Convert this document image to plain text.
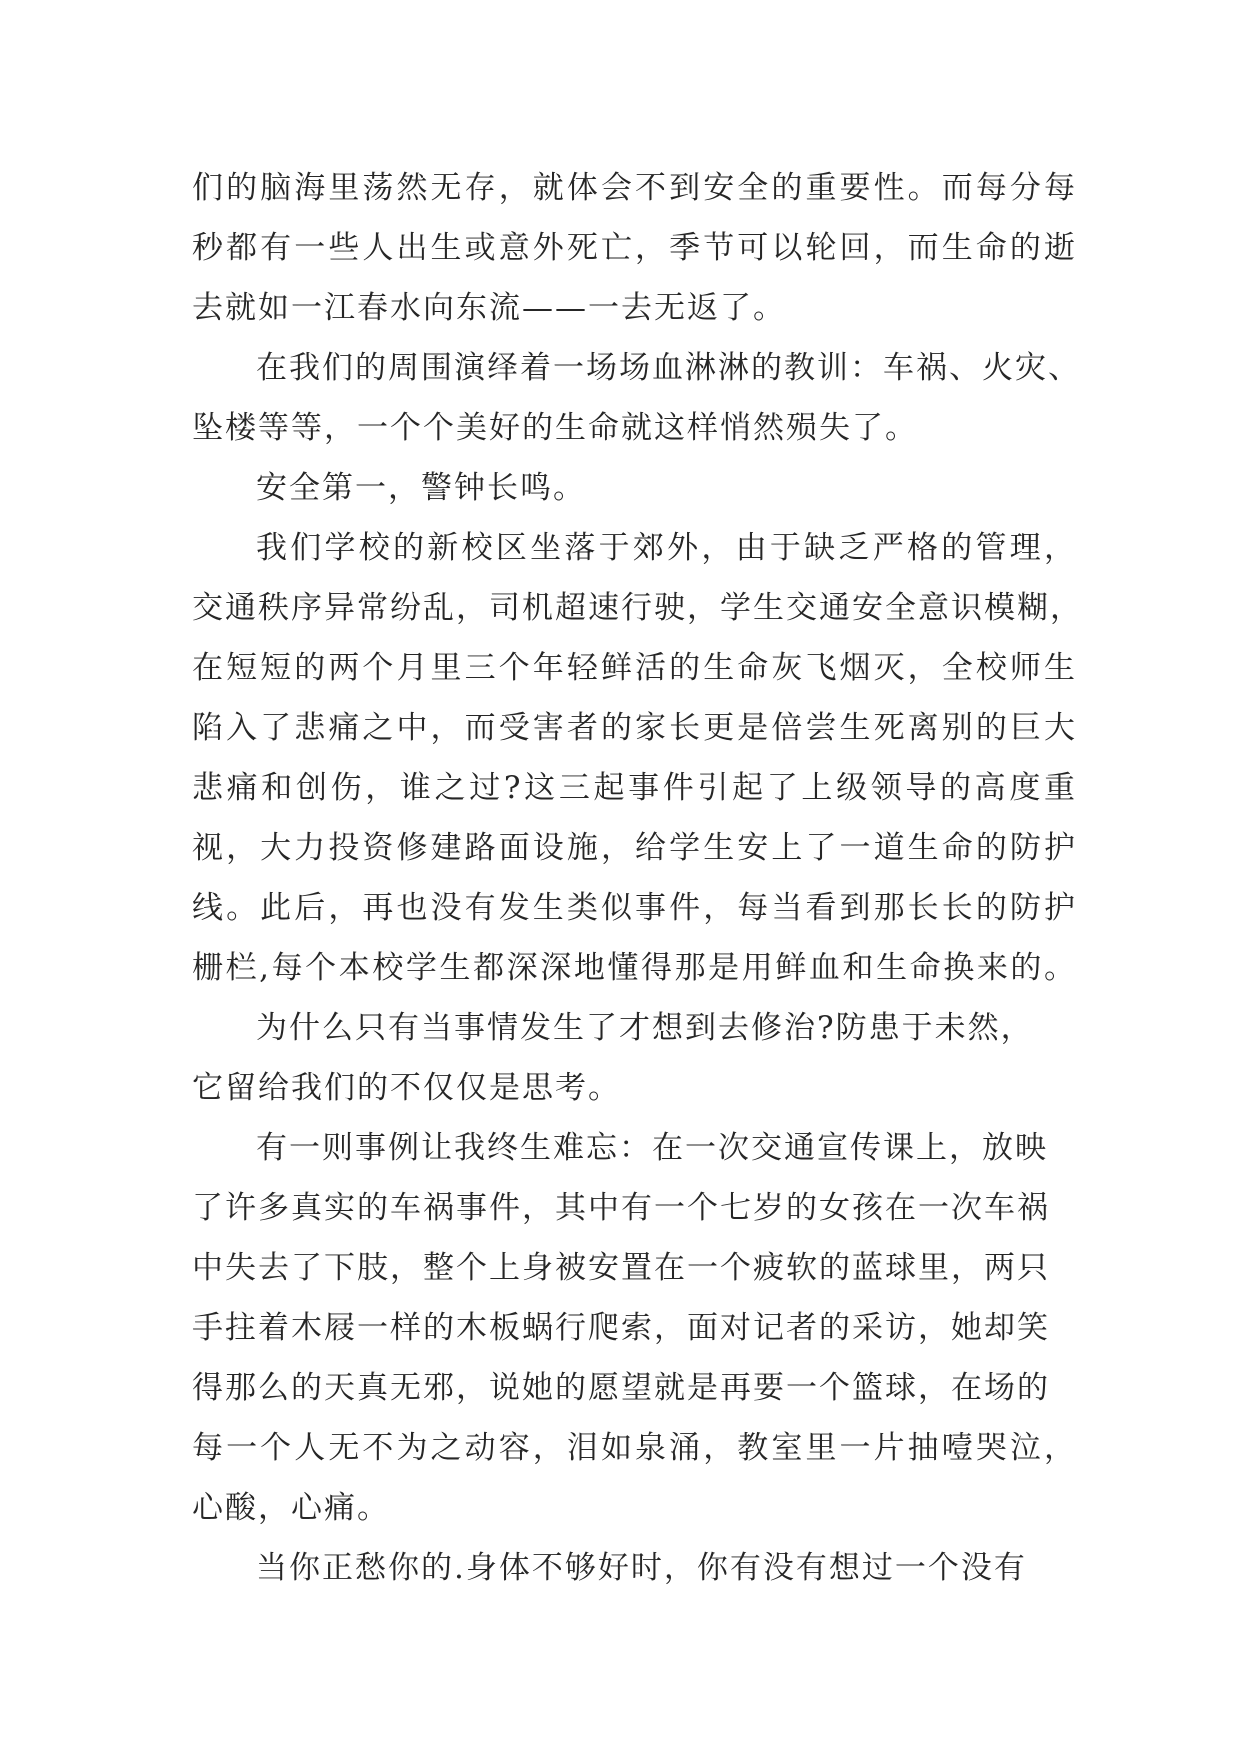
们的脑海里荡然无存，就体会不到安全的重要性。而每分每
秒都有一些人出生或意外死亡，季节可以轮回，而生命的逝
去就如一江春水向东流——一去无返了。
在我们的周围演绎着一场场血淋淋的教训：车祸、火灾、
坠楼等等，一个个美好的生命就这样悄然殒失了。
安全第一，警钟长鸣。
我们学校的新校区坐落于郊外，由于缺乏严格的管理，
交通秩序异常纷乱，司机超速行驶，学生交通安全意识模糊，
在短短的两个月里三个年轻鲜活的生命灰飞烟灭，全校师生
陷入了悲痛之中，而受害者的家长更是倍尝生死离别的巨大
悲痛和创伤，谁之过?这三起事件引起了上级领导的高度重
视，大力投资修建路面设施，给学生安上了一道生命的防护
线。此后，再也没有发生类似事件，每当看到那长长的防护
栅栏,每个本校学生都深深地懂得那是用鲜血和生命换来的。
为什么只有当事情发生了才想到去修治?防患于未然，
它留给我们的不仅仅是思考。
有一则事例让我终生难忘：在一次交通宣传课上，放映
了许多真实的车祸事件，其中有一个七岁的女孩在一次车祸
中失去了下肢，整个上身被安置在一个疲软的蓝球里，两只
手拄着木屐一样的木板蜗行爬索，面对记者的采访，她却笑
得那么的天真无邪，说她的愿望就是再要一个篮球，在场的
每一个人无不为之动容，泪如泉涌，教室里一片抽噎哭泣，
心酸，心痛。
当你正愁你的.身体不够好时，你有没有想过一个没有
